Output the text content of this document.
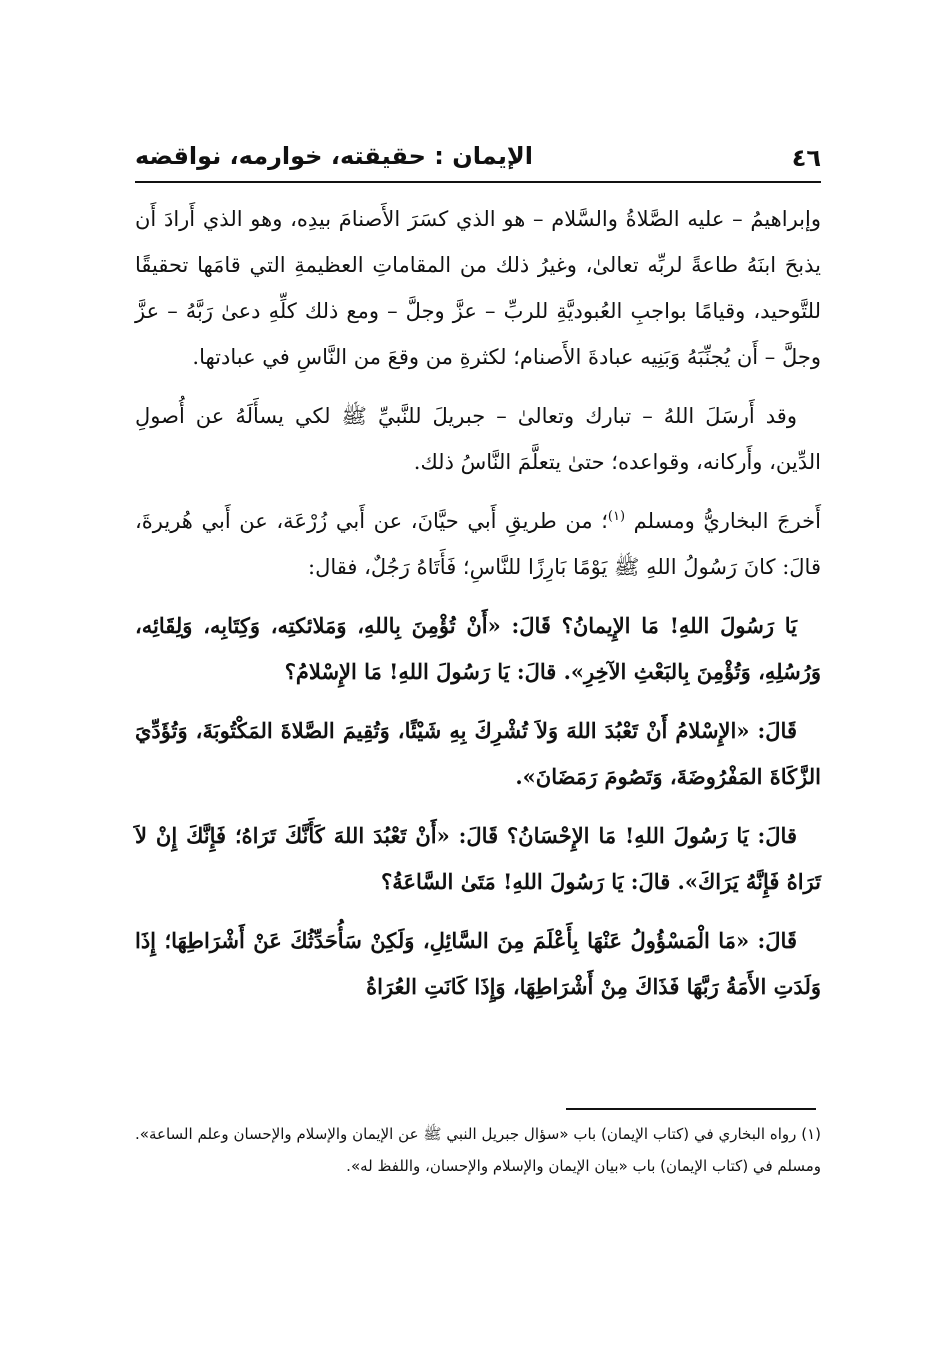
٤٦
الإيمان : حقيقته، خوارمه، نواقضه

وإبراهيمُ – عليه الصَّلاةُ والسَّلام – هو الذي كسَرَ الأَصنامَ بيدِه، وهو الذي أَرادَ أَن يذبحَ ابنَهُ طاعةً لربِّه تعالىٰ، وغيرُ ذلك من المقاماتِ العظيمةِ التي قامَها تحقيقًا للتَّوحيد، وقيامًا بواجبِ العُبوديَّةِ للربِّ – عزَّ وجلَّ – ومع ذلك كلِّهِ دعىٰ رَبَّهُ – عزَّ وجلَّ – أَن يُجنِّبَهُ وَبَنِيه عبادةَ الأَصنام؛ لكثرةِ من وقعَ من النَّاسِ في عبادتها.

وقد أَرسَلَ اللهُ – تبارك وتعالىٰ – جبريلَ للنَّبيِّ ﷺ لكي يسأَلَهُ عن أُصولِ الدِّين، وأَركانه، وقواعده؛ حتىٰ يتعلَّمَ النَّاسُ ذلك.

أَخرجَ البخاريُّ ومسلم $^{(١)}$؛ من طريقِ أَبي حيَّانَ، عن أَبي زُرْعَة، عن أَبي هُريرةَ، قالَ: كانَ رَسُولُ اللهِ ﷺ يَوْمًا بَارِزًا للنَّاسِ؛ فَأَتَاهُ رَجُلٌ، فقال:

يَا رَسُولَ اللهِ! مَا الإِيمانُ؟ قَالَ: «أَنْ تُؤْمِنَ بِاللهِ، وَمَلائكتِه، وَكِتَابِه، وَلِقَائِه، وَرُسُلِهِ، وَتُؤْمِنَ بِالبَعْثِ الآخِرِ». قالَ: يَا رَسُولَ اللهِ! مَا الإِسْلامُ؟

قَالَ: «الإِسْلامُ أَنْ تَعْبُدَ اللهَ وَلاَ تُشْرِكَ بِهِ شَيْئًا، وَتُقِيمَ الصَّلاةَ المَكْتُوبَةَ، وَتُؤَدِّيَ الزَّكَاةَ المَفْرُوضَةَ، وَتَصُومَ رَمَضَانَ».

قالَ: يَا رَسُولَ اللهِ! مَا الإِحْسَانُ؟ قَالَ: «أَنْ تَعْبُدَ اللهَ كَأَنَّكَ تَرَاهُ؛ فَإِنَّكَ إِنْ لاَ تَرَاهُ فَإِنَّهُ يَرَاكَ». قالَ: يَا رَسُولَ اللهِ! مَتَىٰ السَّاعَةُ؟

قَالَ: «مَا الْمَسْؤُولُ عَنْهَا بِأَعْلَمَ مِنَ السَّائِلِ، وَلَكِنْ سَأُحَدِّثُكَ عَنْ أَشْرَاطِهَا؛ إِذَا وَلَدَتِ الأَمَةُ رَبَّهَا فَذَاكَ مِنْ أَشْرَاطِهَا، وَإِذَا كَانَتِ العُرَاةُ

(١) رواه البخاري في (كتاب الإيمان) باب «سؤال جبريل النبي ﷺ عن الإيمان والإسلام والإحسان وعلم الساعة». ومسلم في (كتاب الإيمان) باب «بيان الإيمان والإسلام والإحسان، واللفظ له».
